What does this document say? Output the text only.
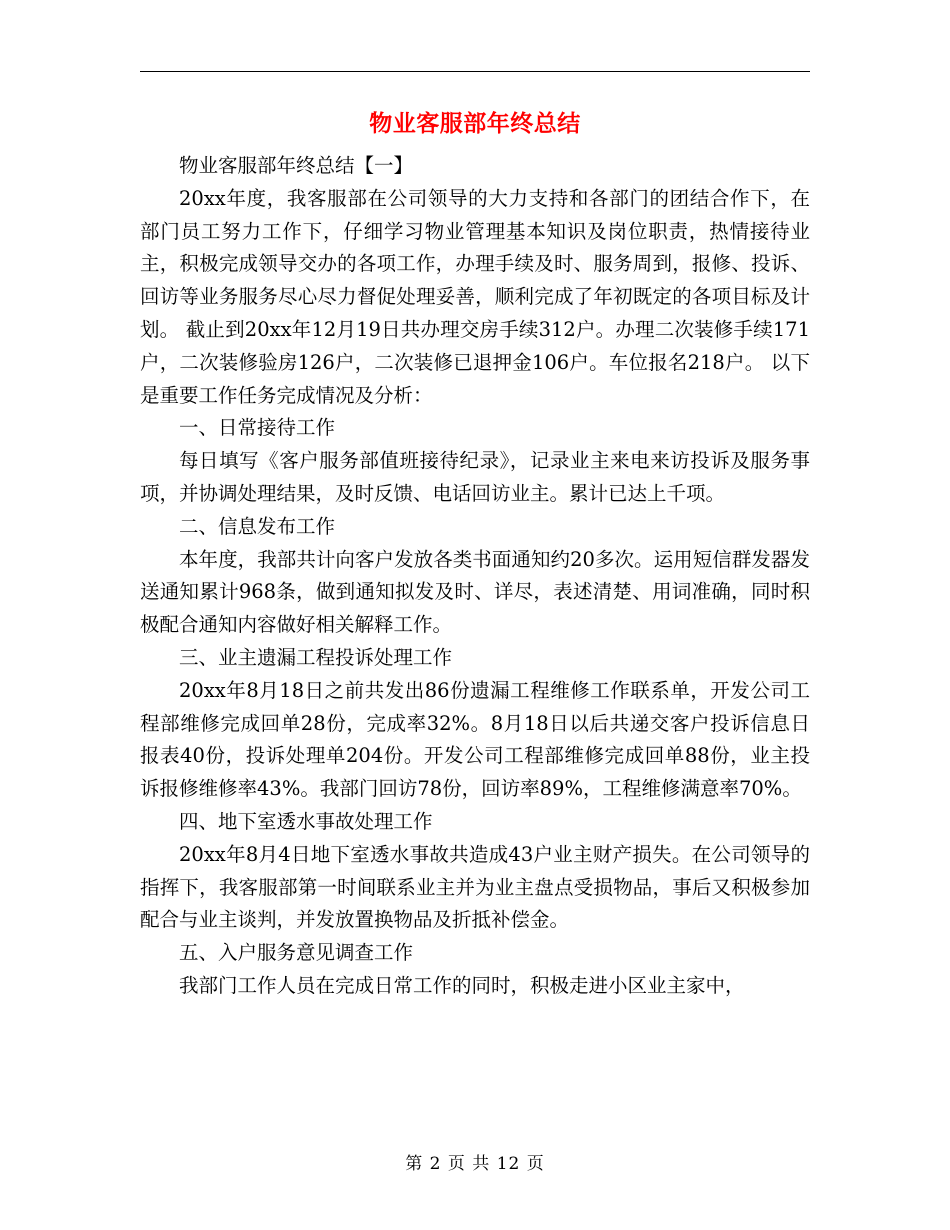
物业客服部年终总结

物业客服部年终总结【一】

20xx年度，我客服部在公司领导的大力支持和各部门的团结合作下，在部门员工努力工作下，仔细学习物业管理基本知识及岗位职责，热情接待业主，积极完成领导交办的各项工作，办理手续及时、服务周到，报修、投诉、回访等业务服务尽心尽力督促处理妥善，顺利完成了年初既定的各项目标及计划。 截止到20xx年12月19日共办理交房手续312户。办理二次装修手续171户，二次装修验房126户，二次装修已退押金106户。车位报名218户。 以下是重要工作任务完成情况及分析：

一、日常接待工作

每日填写《客户服务部值班接待纪录》，记录业主来电来访投诉及服务事项，并协调处理结果，及时反馈、电话回访业主。累计已达上千项。

二、信息发布工作

本年度，我部共计向客户发放各类书面通知约20多次。运用短信群发器发送通知累计968条，做到通知拟发及时、详尽，表述清楚、用词准确，同时积极配合通知内容做好相关解释工作。

三、业主遗漏工程投诉处理工作

20xx年8月18日之前共发出86份遗漏工程维修工作联系单，开发公司工程部维修完成回单28份，完成率32%。8月18日以后共递交客户投诉信息日报表40份，投诉处理单204份。开发公司工程部维修完成回单88份，业主投诉报修维修率43%。我部门回访78份，回访率89%，工程维修满意率70%。

四、地下室透水事故处理工作

20xx年8月4日地下室透水事故共造成43户业主财产损失。在公司领导的指挥下，我客服部第一时间联系业主并为业主盘点受损物品，事后又积极参加配合与业主谈判，并发放置换物品及折抵补偿金。

五、入户服务意见调查工作

我部门工作人员在完成日常工作的同时，积极走进小区业主家中，

第 2 页 共 12 页
